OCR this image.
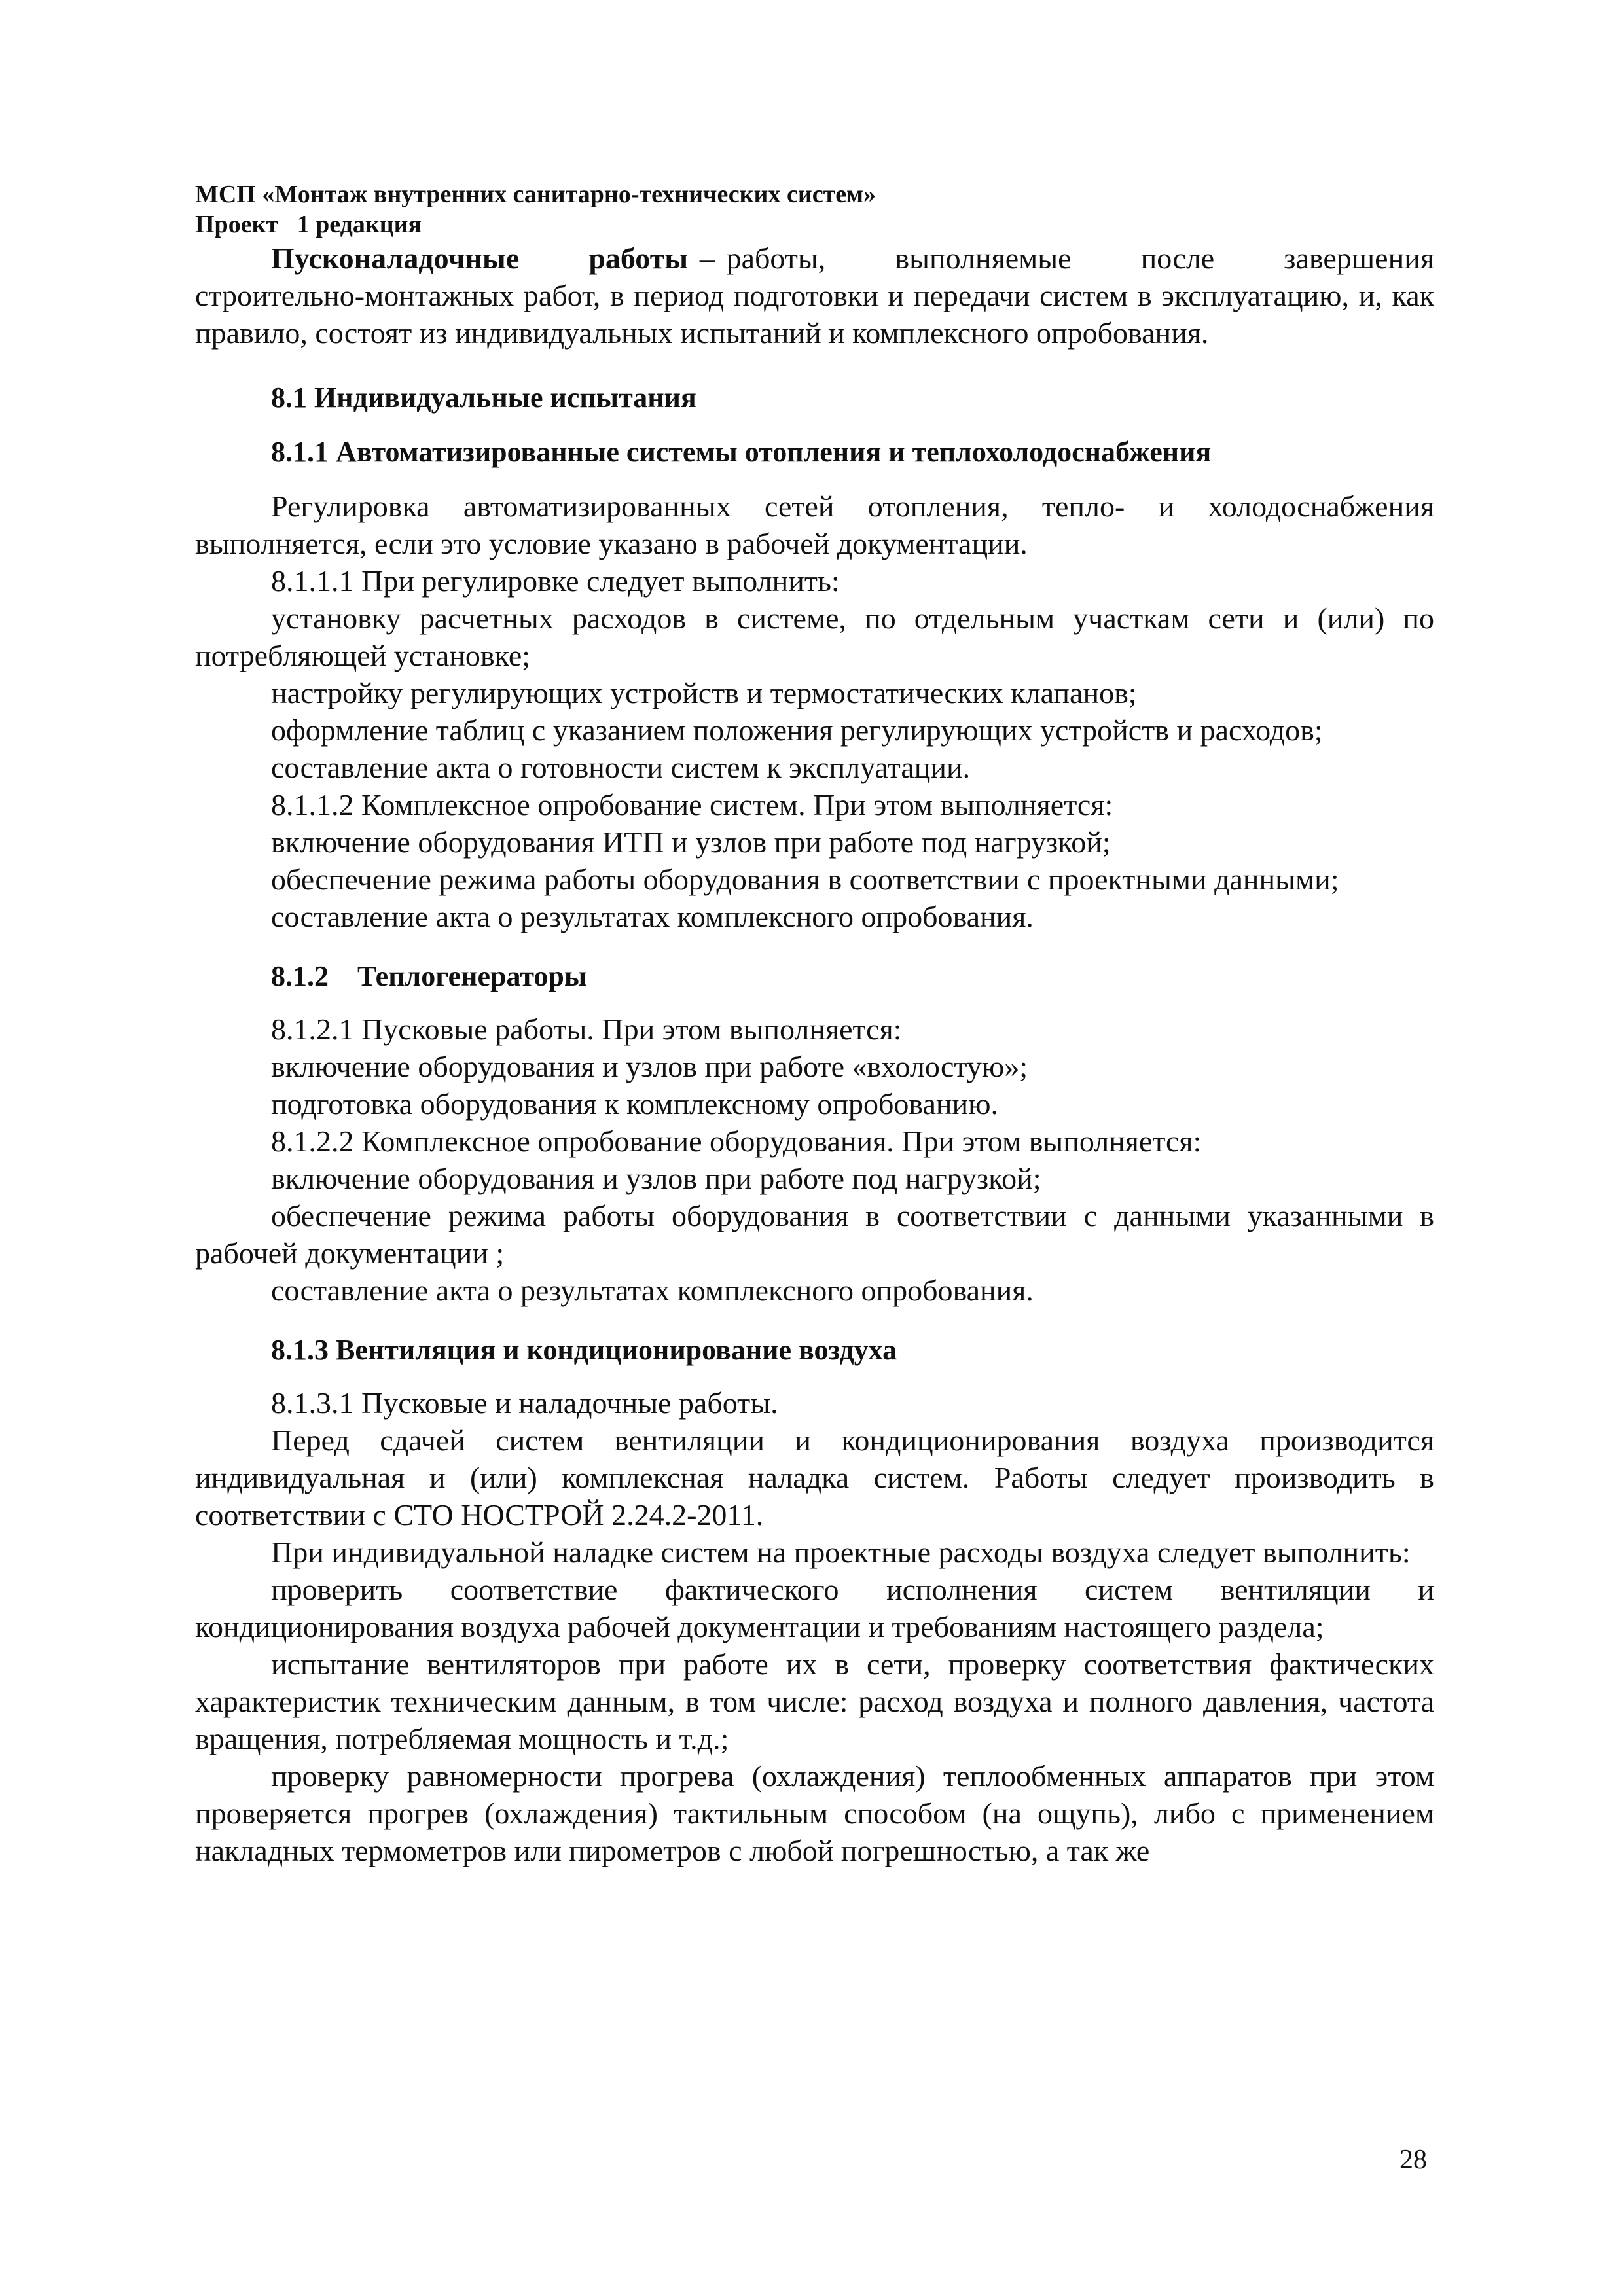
МСП «Монтаж внутренних санитарно-технических систем»
Проект   1 редакция

Пусконаладочные      работы – работы,      выполняемые      после      завершения строительно-монтажных работ, в период подготовки и передачи систем в эксплуатацию, и, как правило, состоят из индивидуальных испытаний и комплексного опробования.

8.1 Индивидуальные испытания
8.1.1 Автоматизированные системы отопления и теплохолодоснабжения

Регулировка автоматизированных сетей отопления, тепло- и холодоснабжения выполняется, если это условие указано в рабочей документации.

8.1.1.1 При регулировке следует выполнить:

установку расчетных расходов в системе, по отдельным участкам сети и (или) по потребляющей установке;

настройку регулирующих устройств и термостатических клапанов;

оформление таблиц с указанием положения регулирующих устройств и расходов;

составление акта о готовности систем к эксплуатации.

8.1.1.2 Комплексное опробование систем. При этом выполняется:

включение оборудования ИТП и узлов при работе под нагрузкой;

обеспечение режима работы оборудования в соответствии с проектными данными;

составление акта о результатах комплексного опробования.

8.1.2    Теплогенераторы

8.1.2.1 Пусковые работы. При этом выполняется:

включение оборудования и узлов при работе «вхолостую»;

подготовка оборудования к комплексному опробованию.

8.1.2.2 Комплексное опробование оборудования. При этом выполняется:

включение оборудования и узлов при работе под нагрузкой;

обеспечение режима работы оборудования в соответствии с данными указанными в рабочей документации ;

составление акта о результатах комплексного опробования.

8.1.3 Вентиляция и кондиционирование воздуха

8.1.3.1 Пусковые и наладочные работы.

Перед сдачей систем вентиляции и кондиционирования воздуха производится индивидуальная и (или) комплексная наладка систем. Работы следует производить в соответствии с СТО НОСТРОЙ 2.24.2-2011.

При индивидуальной наладке систем на проектные расходы воздуха следует выполнить:

проверить соответствие фактического исполнения систем вентиляции и кондиционирования воздуха рабочей документации и требованиям настоящего раздела;

испытание вентиляторов при работе их в сети, проверку соответствия фактических характеристик техническим данным, в том числе: расход воздуха и полного давления, частота вращения, потребляемая мощность и т.д.;

проверку равномерности прогрева (охлаждения) теплообменных аппаратов при этом проверяется прогрев (охлаждения) тактильным способом (на ощупь), либо с применением накладных термометров или пирометров с любой погрешностью, а так же

28
